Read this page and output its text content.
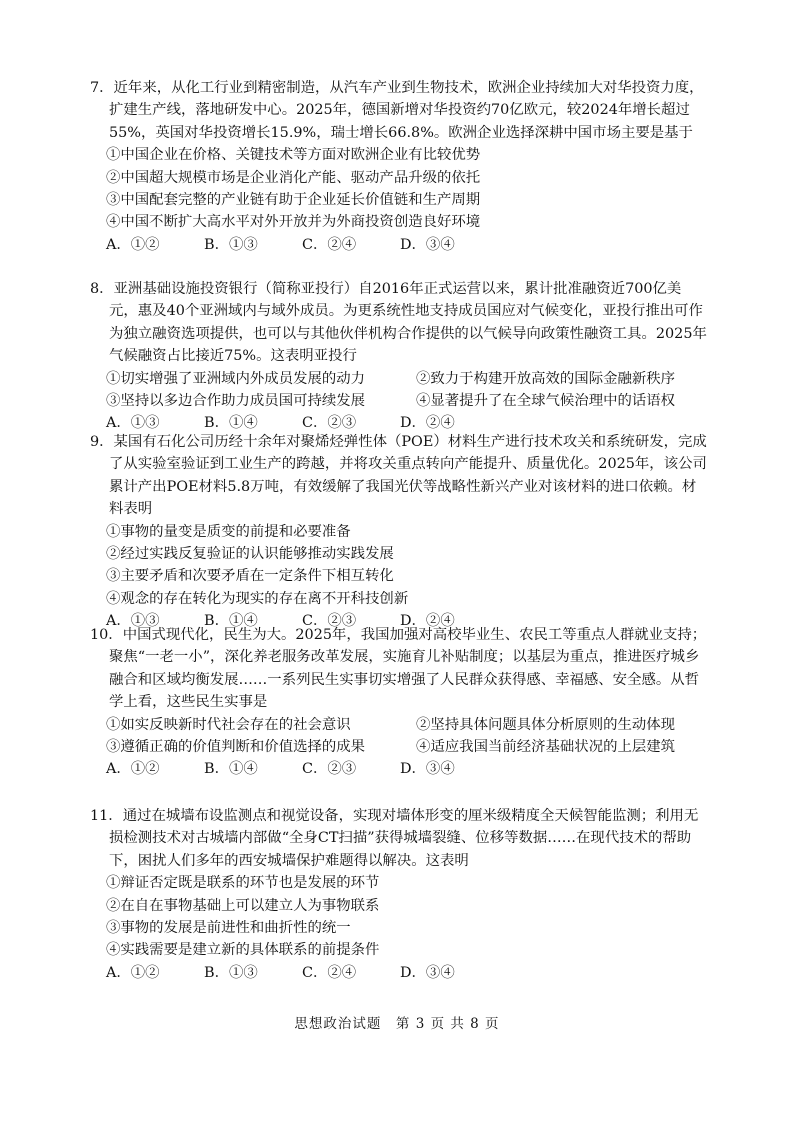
7．近年来，从化工行业到精密制造，从汽车产业到生物技术，欧洲企业持续加大对华投资力度，扩建生产线，落地研发中心。2025年，德国新增对华投资约70亿欧元，较2024年增长超过55%，英国对华投资增长15.9%，瑞士增长66.8%。欧洲企业选择深耕中国市场主要是基于

①中国企业在价格、关键技术等方面对欧洲企业有比较优势

②中国超大规模市场是企业消化产能、驱动产品升级的依托

③中国配套完整的产业链有助于企业延长价值链和生产周期

④中国不断扩大高水平对外开放并为外商投资创造良好环境

A．①②	B．①③	C．②④	D．③④

8．亚洲基础设施投资银行（简称亚投行）自2016年正式运营以来，累计批准融资近700亿美元，惠及40个亚洲域内与域外成员。为更系统性地支持成员国应对气候变化，亚投行推出可作为独立融资选项提供，也可以与其他伙伴机构合作提供的以气候导向政策性融资工具。2025年气候融资占比接近75%。这表明亚投行

①切实增强了亚洲域内外成员发展的动力	②致力于构建开放高效的国际金融新秩序
③坚持以多边合作助力成员国可持续发展	④显著提升了在全球气候治理中的话语权
A．①③	B．①④	C．②③	D．②④

9．某国有石化公司历经十余年对聚烯烃弹性体（POE）材料生产进行技术攻关和系统研发，完成了从实验室验证到工业生产的跨越，并将攻关重点转向产能提升、质量优化。2025年，该公司累计产出POE材料5.8万吨，有效缓解了我国光伏等战略性新兴产业对该材料的进口依赖。材料表明

①事物的量变是质变的前提和必要准备

②经过实践反复验证的认识能够推动实践发展

③主要矛盾和次要矛盾在一定条件下相互转化

④观念的存在转化为现实的存在离不开科技创新

A．①③	B．①④	C．②③	D．②④

10．中国式现代化，民生为大。2025年，我国加强对高校毕业生、农民工等重点人群就业支持；聚焦“一老一小”，深化养老服务改革发展，实施育儿补贴制度；以基层为重点，推进医疗城乡融合和区域均衡发展……一系列民生实事切实增强了人民群众获得感、幸福感、安全感。从哲学上看，这些民生实事是

①如实反映新时代社会存在的社会意识	②坚持具体问题具体分析原则的生动体现
③遵循正确的价值判断和价值选择的成果	④适应我国当前经济基础状况的上层建筑
A．①②	B．①④	C．②③	D．③④

11．通过在城墙布设监测点和视觉设备，实现对墙体形变的厘米级精度全天候智能监测；利用无损检测技术对古城墙内部做“全身CT扫描”获得城墙裂缝、位移等数据……在现代技术的帮助下，困扰人们多年的西安城墙保护难题得以解决。这表明

①辩证否定既是联系的环节也是发展的环节

②在自在事物基础上可以建立人为事物联系

③事物的发展是前进性和曲折性的统一

④实践需要是建立新的具体联系的前提条件

A．①②	B．①③	C．②④	D．③④
思想政治试题　第 3 页 共 8 页
